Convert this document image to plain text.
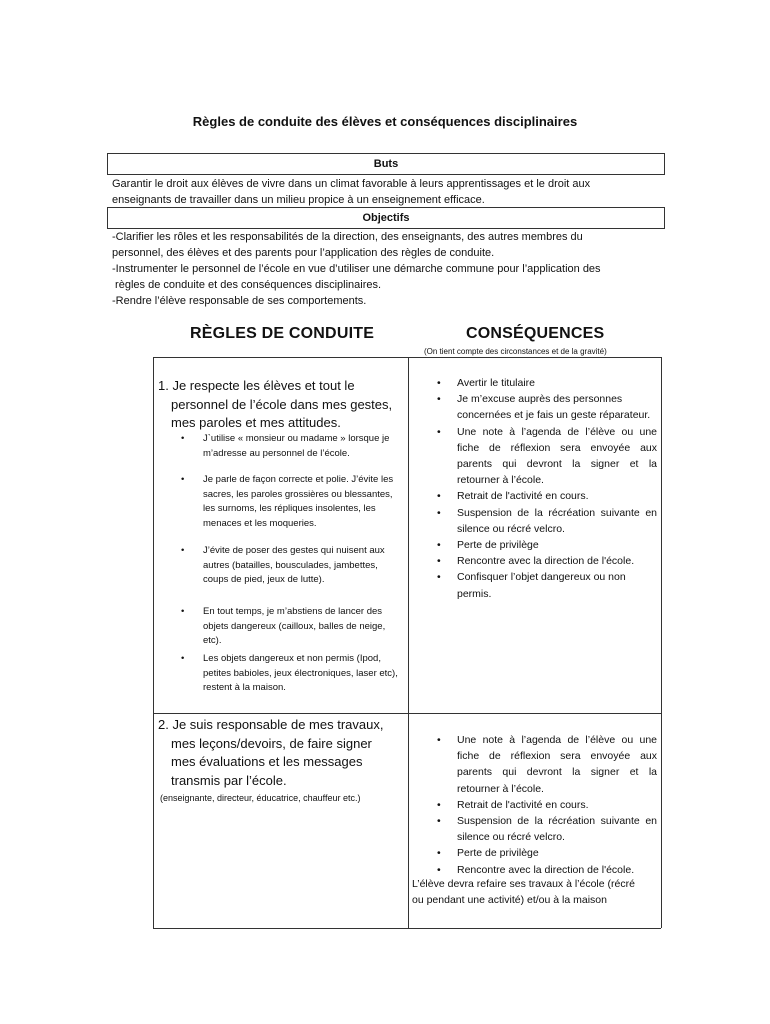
Règles de conduite des élèves et conséquences disciplinaires
Buts
Garantir le droit aux élèves de vivre dans un climat favorable à leurs apprentissages et le droit aux
enseignants de travailler dans un milieu propice à un enseignement efficace.
Objectifs
-Clarifier les rôles et les responsabilités de la direction, des enseignants, des autres membres du
personnel, des élèves et des parents pour l’application des règles de conduite.
-Instrumenter le personnel de l’école en vue d’utiliser une démarche commune pour l’application des
règles de conduite et des conséquences disciplinaires.
-Rendre l’élève responsable de ses comportements.
RÈGLES DE CONDUITE	CONSÉQUENCES
(On tient compte des circonstances et de la gravité)
1. Je respecte les élèves et tout le
personnel de l’école dans mes gestes,
mes paroles et mes attitudes.
• J`utilise « monsieur ou madame » lorsque je m’adresse au personnel de l’école.
• Je parle de façon correcte et polie. J’évite les sacres, les paroles grossières ou blessantes, les surnoms, les répliques insolentes, les menaces et les moqueries.
• J’évite de poser des gestes qui nuisent aux autres (batailles, bousculades, jambettes, coups de pied, jeux de lutte).
• En tout temps, je m’abstiens de lancer des objets dangereux (cailloux, balles de neige, etc).
• Les objets dangereux et non permis (Ipod, petites babioles, jeux électroniques, laser etc), restent à la maison.
• Avertir le titulaire
• Je m’excuse auprès des personnes concernées et je fais un geste réparateur.
• Une note à l’agenda de l’élève ou une fiche de réflexion sera envoyée aux parents qui devront la signer et la retourner à l’école.
• Retrait de l'activité en cours.
• Suspension de la récréation suivante en silence ou récré velcro.
• Perte de privilège
• Rencontre avec la direction de l'école.
• Confisquer l’objet dangereux ou non permis.
2. Je suis responsable de mes travaux,
mes leçons/devoirs, de faire signer
mes évaluations et les messages
transmis par l’école.
(enseignante, directeur, éducatrice, chauffeur etc.)
• Une note à l’agenda de l’élève ou une fiche de réflexion sera envoyée aux parents qui devront la signer et la retourner à l’école.
• Retrait de l'activité en cours.
• Suspension de la récréation suivante en silence ou récré velcro.
• Perte de privilège
• Rencontre avec la direction de l'école.
L’élève devra refaire ses travaux à l’école (récré
ou pendant une activité) et/ou à la maison
